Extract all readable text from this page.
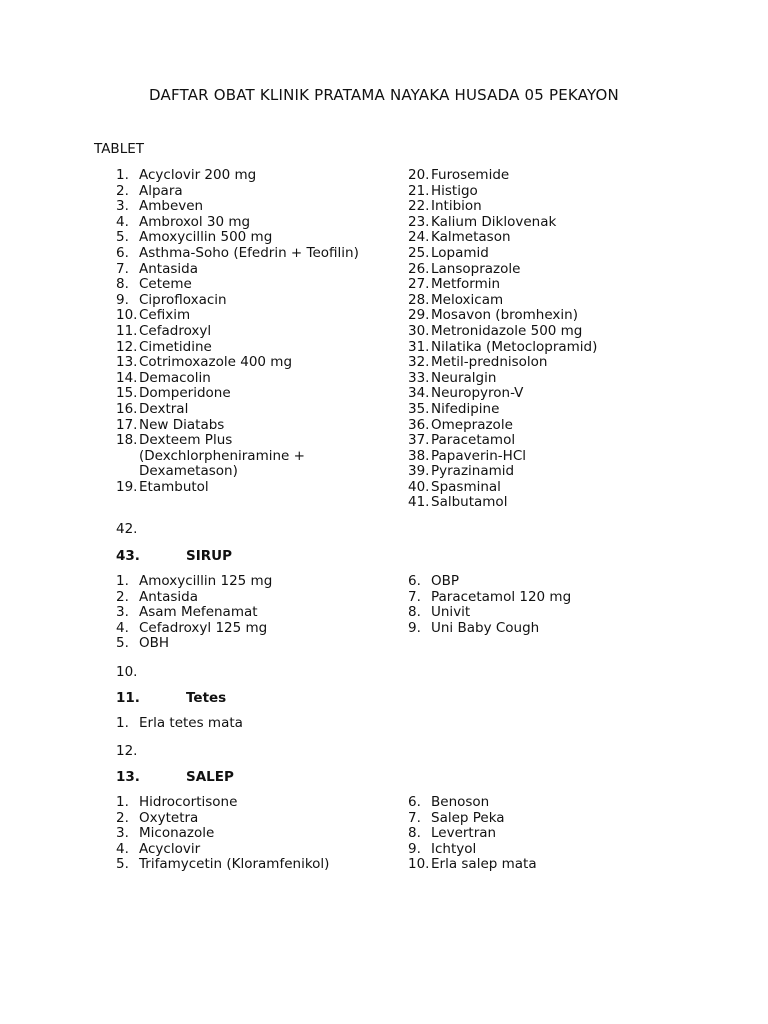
DAFTAR OBAT KLINIK PRATAMA NAYAKA HUSADA 05 PEKAYON
TABLET
1. Acyclovir 200 mg
2. Alpara
3. Ambeven
4. Ambroxol 30 mg
5. Amoxycillin 500 mg
6. Asthma-Soho (Efedrin + Teofilin)
7. Antasida
8. Ceteme
9. Ciprofloxacin
10. Cefixim
11. Cefadroxyl
12. Cimetidine
13. Cotrimoxazole 400 mg
14. Demacolin
15. Domperidone
16. Dextral
17. New Diatabs
18. Dexteem Plus
(Dexchlorpheniramine +
Dexametason)
19. Etambutol
20. Furosemide
21. Histigo
22. Intibion
23. Kalium Diklovenak
24. Kalmetason
25. Lopamid
26. Lansoprazole
27. Metformin
28. Meloxicam
29. Mosavon (bromhexin)
30. Metronidazole 500 mg
31. Nilatika (Metoclopramid)
32. Metil-prednisolon
33. Neuralgin
34. Neuropyron-V
35. Nifedipine
36. Omeprazole
37. Paracetamol
38. Papaverin-HCl
39. Pyrazinamid
40. Spasminal
41. Salbutamol
42.
43.	SIRUP
1. Amoxycillin 125 mg
2. Antasida
3. Asam Mefenamat
4. Cefadroxyl 125 mg
5. OBH
6. OBP
7. Paracetamol 120 mg
8. Univit
9. Uni Baby Cough
10.
11.	Tetes
1. Erla tetes mata
12.
13.	SALEP
1. Hidrocortisone
2. Oxytetra
3. Miconazole
4. Acyclovir
5. Trifamycetin (Kloramfenikol)
6. Benoson
7. Salep Peka
8. Levertran
9. Ichtyol
10. Erla salep mata
